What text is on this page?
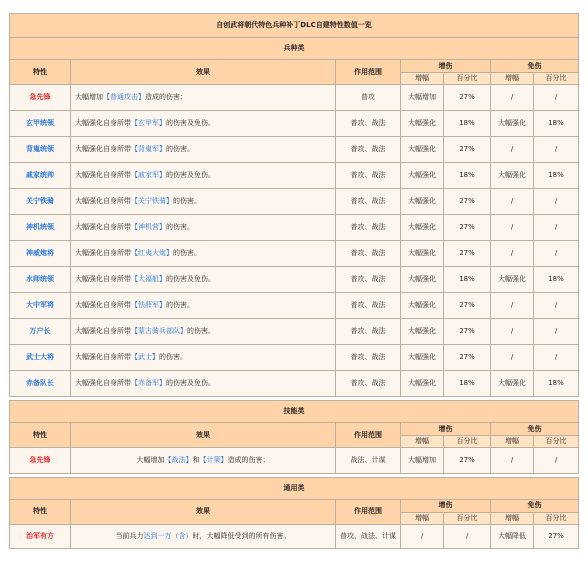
自创武将朝代特色兵种补丁DLC自建特性数值一览						
兵种类						
特性	效果	作用范围	增伤		免伤	
			增幅	百分比	增幅	百分比
急先锋	大幅增加【普通攻击】造成的伤害；	普攻	大幅增加	27%	/	/
玄甲统领	大幅强化自身所带【玄甲军】的伤害及免伤。	普攻、战法	大幅强化	18%	大幅强化	18%
背嵬统领	大幅强化自身所带【背嵬军】的伤害。	普攻、战法	大幅强化	27%	/	/
戚家统帅	大幅强化自身所带【戚家军】的伤害及免伤。	普攻、战法	大幅强化	18%	大幅强化	18%
关宁铁骑	大幅强化自身所带【关宁铁骑】的伤害。	普攻、战法	大幅强化	27%	/	/
神机统领	大幅强化自身所带【神机营】的伤害。	普攻、战法	大幅强化	27%	/	/
神威炮将	大幅强化自身所带【红夷大炮】的伤害。	普攻、战法	大幅强化	27%	/	/
水师统领	大幅强化自身所带【大福船】的伤害及免伤。	普攻、战法	大幅强化	18%	大幅强化	18%
大中军将	大幅强化自身所带【怯薛军】的伤害。	普攻、战法	大幅强化	27%	/	/
万户长	大幅强化自身所带【蒙古骑兵部队】的伤害。	普攻、战法	大幅强化	27%	/	/
武士大将	大幅强化自身所带【武士】的伤害。	普攻、战法	大幅强化	27%	/	/
赤备队长	大幅强化自身所带【赤备军】的伤害及免伤。	普攻、战法	大幅强化	18%	大幅强化	18%

技能类						
特性	效果	作用范围	增伤		免伤	
			增幅	百分比	增幅	百分比
急先锋	大幅增加【战法】和【计策】造成的伤害；	战法、计谋	大幅增加	27%	/	/

通用类						
特性	效果	作用范围	增伤		免伤	
			增幅	百分比	增幅	百分比
治军有方	当前兵力达到一万（含）时，大幅降低受到的所有伤害。	普攻、战法、计谋	/	/	大幅降低	27%
